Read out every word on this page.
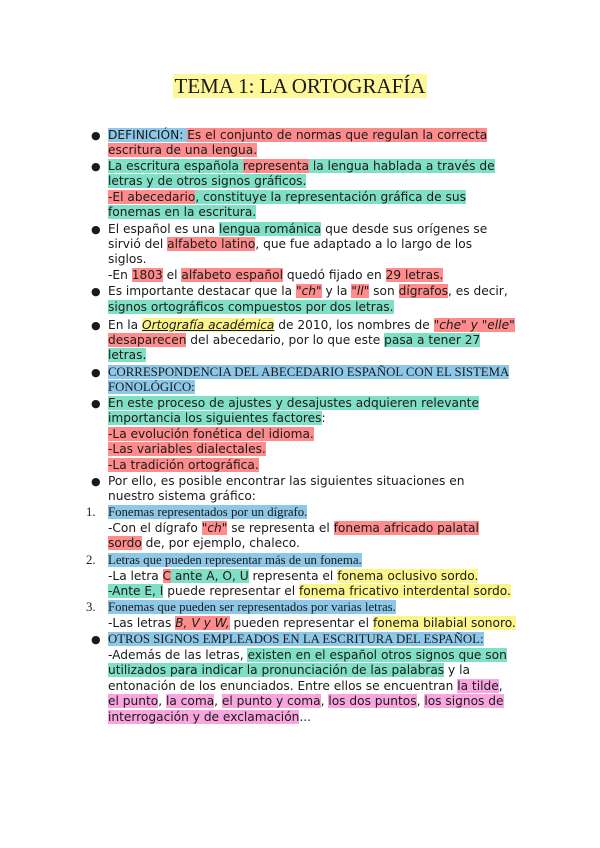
TEMA 1: LA ORTOGRAFÍA
●
●
●
●
●
●
●
●
●
1.
2.
3.
DEFINICIÓN: Es el conjunto de normas que regulan la correcta
escritura de una lengua.
La escritura española representa la lengua hablada a través de
letras y de otros signos gráficos.
-El abecedario, constituye la representación gráfica de sus
fonemas en la escritura.
El español es una lengua románica que desde sus orígenes se
sirvió del alfabeto latino, que fue adaptado a lo largo de los
siglos.
-En 1803 el alfabeto español quedó fijado en 29 letras.
Es importante destacar que la "ch" y la "ll" son dígrafos, es decir,
signos ortográficos compuestos por dos letras.
En la Ortografía académica de 2010, los nombres de "che" y "elle"
desaparecen del abecedario, por lo que este pasa a tener 27
letras.
CORRESPONDENCIA DEL ABECEDARIO ESPAÑOL CON EL SISTEMA
FONOLÓGICO:
En este proceso de ajustes y desajustes adquieren relevante
importancia los siguientes factores:
-La evolución fonética del idioma.
-Las variables dialectales.
-La tradición ortográfica.
Por ello, es posible encontrar las siguientes situaciones en
nuestro sistema gráfico:
Fonemas representados por un dígrafo.
-Con el dígrafo "ch" se representa el fonema africado palatal
sordo de, por ejemplo, chaleco.
Letras que pueden representar más de un fonema.
-La letra C ante A, O, U representa el fonema oclusivo sordo.
-Ante E, I puede representar el fonema fricativo interdental sordo.
Fonemas que pueden ser representados por varias letras.
-Las letras B, V y W, pueden representar el fonema bilabial sonoro.
OTROS SIGNOS EMPLEADOS EN LA ESCRITURA DEL ESPAÑOL:
-Además de las letras, existen en el español otros signos que son
utilizados para indicar la pronunciación de las palabras y la
entonación de los enunciados. Entre ellos se encuentran la tilde,
el punto, la coma, el punto y coma, los dos puntos, los signos de
interrogación y de exclamación...
